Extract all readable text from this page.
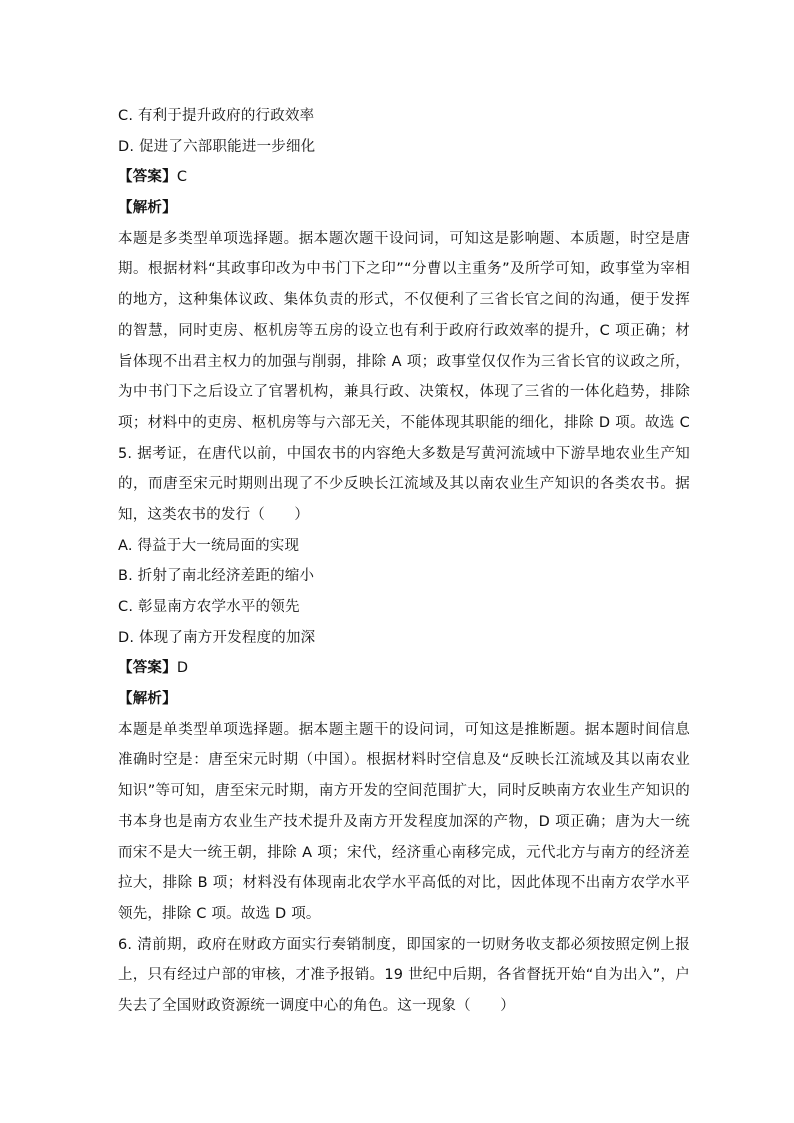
C. 有利于提升政府的行政效率
D. 促进了六部职能进一步细化
【答案】C
【解析】
本题是多类型单项选择题。据本题次题干设问词，可知这是影响题、本质题，时空是唐
期。根据材料“其政事印改为中书门下之印”“分曹以主重务”及所学可知，政事堂为宰相
的地方，这种集体议政、集体负责的形式，不仅便利了三省长官之间的沟通，便于发挥
的智慧，同时吏房、枢机房等五房的设立也有利于政府行政效率的提升，C 项正确；材
旨体现不出君主权力的加强与削弱，排除 A 项；政事堂仅仅作为三省长官的议政之所，
为中书门下之后设立了官署机构，兼具行政、决策权，体现了三省的一体化趋势，排除
项；材料中的吏房、枢机房等与六部无关，不能体现其职能的细化，排除 D 项。故选 C
5. 据考证，在唐代以前，中国农书的内容绝大多数是写黄河流域中下游旱地农业生产知
的，而唐至宋元时期则出现了不少反映长江流域及其以南农业生产知识的各类农书。据
知，这类农书的发行（　　）
A. 得益于大一统局面的实现
B. 折射了南北经济差距的缩小
C. 彰显南方农学水平的领先
D. 体现了南方开发程度的加深
【答案】D
【解析】
本题是单类型单项选择题。据本题主题干的设问词，可知这是推断题。据本题时间信息
准确时空是：唐至宋元时期（中国）。根据材料时空信息及“反映长江流域及其以南农业
知识”等可知，唐至宋元时期，南方开发的空间范围扩大，同时反映南方农业生产知识的
书本身也是南方农业生产技术提升及南方开发程度加深的产物，D 项正确；唐为大一统
而宋不是大一统王朝，排除 A 项；宋代，经济重心南移完成，元代北方与南方的经济差
拉大，排除 B 项；材料没有体现南北农学水平高低的对比，因此体现不出南方农学水平
领先，排除 C 项。故选 D 项。
6. 清前期，政府在财政方面实行奏销制度，即国家的一切财务收支都必须按照定例上报
上，只有经过户部的审核，才准予报销。19 世纪中后期，各省督抚开始“自为出入”，户
失去了全国财政资源统一调度中心的角色。这一现象（　　）
